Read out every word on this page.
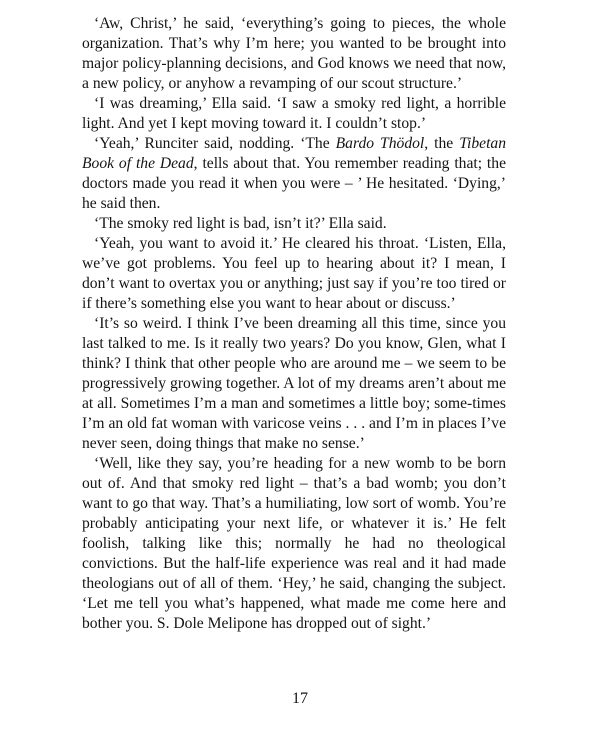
‘Aw, Christ,’ he said, ‘everything’s going to pieces, the whole organization. That’s why I’m here; you wanted to be brought into major policy-planning decisions, and God knows we need that now, a new policy, or anyhow a revamping of our scout structure.’

‘I was dreaming,’ Ella said. ‘I saw a smoky red light, a horrible light. And yet I kept moving toward it. I couldn’t stop.’

‘Yeah,’ Runciter said, nodding. ‘The Bardo Thödol, the Tibetan Book of the Dead, tells about that. You remember reading that; the doctors made you read it when you were – ’ He hesitated. ‘Dying,’ he said then.

‘The smoky red light is bad, isn’t it?’ Ella said.

‘Yeah, you want to avoid it.’ He cleared his throat. ‘Listen, Ella, we’ve got problems. You feel up to hearing about it? I mean, I don’t want to overtax you or anything; just say if you’re too tired or if there’s something else you want to hear about or discuss.’

‘It’s so weird. I think I’ve been dreaming all this time, since you last talked to me. Is it really two years? Do you know, Glen, what I think? I think that other people who are around me – we seem to be progressively growing together. A lot of my dreams aren’t about me at all. Sometimes I’m a man and sometimes a little boy; some-times I’m an old fat woman with varicose veins . . . and I’m in places I’ve never seen, doing things that make no sense.’

‘Well, like they say, you’re heading for a new womb to be born out of. And that smoky red light – that’s a bad womb; you don’t want to go that way. That’s a humiliating, low sort of womb. You’re probably anticipating your next life, or whatever it is.’ He felt foolish, talking like this; normally he had no theological convictions. But the half-life experience was real and it had made theologians out of all of them. ‘Hey,’ he said, changing the subject. ‘Let me tell you what’s happened, what made me come here and bother you. S. Dole Melipone has dropped out of sight.’

17
